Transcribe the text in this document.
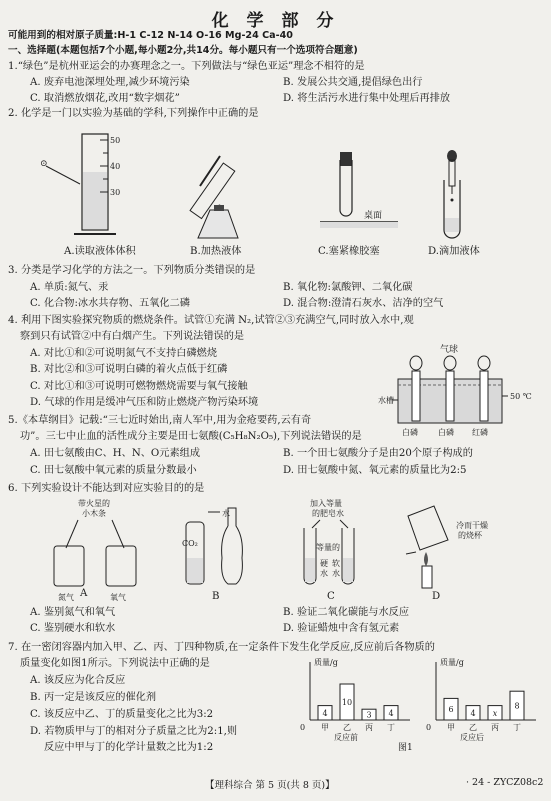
化 学 部 分
可能用到的相对原子质量:H-1 C-12 N-14 O-16 Mg-24 Ca-40
一、选择题(本题包括7个小题,每小题2分,共14分。每小题只有一个选项符合题意)
1.“绿色”是杭州亚运会的办赛理念之一。下列做法与“绿色亚运”理念不相符的是
A. 废弃电池深埋处理,减少环境污染	B. 发展公共交通,提倡绿色出行
C. 取消燃放烟花,改用“数字烟花”	D. 将生活污水进行集中处理后再排放
2. 化学是一门以实验为基础的学科,下列操作中正确的是
⊙
50
40
30
桌面
A.读取液体体积	B.加热液体	C.塞紧橡胶塞	D.滴加液体
3. 分类是学习化学的方法之一。下列物质分类错误的是
A. 单质:氮气、汞	B. 氧化物:氯酸钾、二氧化碳
C. 化合物:冰水共存物、五氧化二磷	D. 混合物:澄清石灰水、洁净的空气
4. 利用下图实验探究物质的燃烧条件。试管①充满 N₂,试管②③充满空气,同时放入水中,观
察到只有试管②中有白烟产生。下列说法错误的是
A. 对比①和②可说明氮气不支持白磷燃烧
B. 对比②和③可说明白磷的着火点低于红磷
C. 对比①和③可说明可燃物燃烧需要与氧气接触
D. 气球的作用是缓冲气压和防止燃烧产物污染环境
气球
水槽	50 ℃
白磷	白磷 红磷
5.《本草纲目》记载:“三七近时始出,南人军中,用为金疮要药,云有奇
功”。三七中止血的活性成分主要是田七氨酸(C₅H₈N₂O₅),下列说法错误的是
A. 田七氨酸由C、H、N、O元素组成	B. 一个田七氨酸分子是由20个原子构成的
C. 田七氨酸中氧元素的质量分数最小	D. 田七氨酸中氮、氧元素的质量比为2:5
6. 下列实验设计不能达到对应实验目的的是
带火星的
小木条
氮气	氧气
水
CO₂
加入等量
的肥皂水
等量的
硬
水
软
水
冷而干燥
的烧杯
A	B	C	D
A. 鉴别氮气和氧气	B. 验证二氧化碳能与水反应
C. 鉴别硬水和软水	D. 验证蜡烛中含有氢元素
7. 在一密闭容器内加入甲、乙、丙、丁四种物质,在一定条件下发生化学反应,反应前后各物质的
质量变化如图1所示。下列说法中正确的是
A. 该反应为化合反应
B. 丙一定是该反应的催化剂
C. 该反应中乙、丁的质量变化之比为3:2
D. 若物质甲与丁的相对分子质量之比为2:1,则
反应中甲与丁的化学计量数之比为1:2
质量/g
0
反应前
4
甲
10
乙
3
丙
4
丁
质量/g
0
反应后
6
甲
4
乙
x
丙
8
丁
图1
【理科综合 第 5 页(共 8 页)】	· 24 - ZYCZ08c2
